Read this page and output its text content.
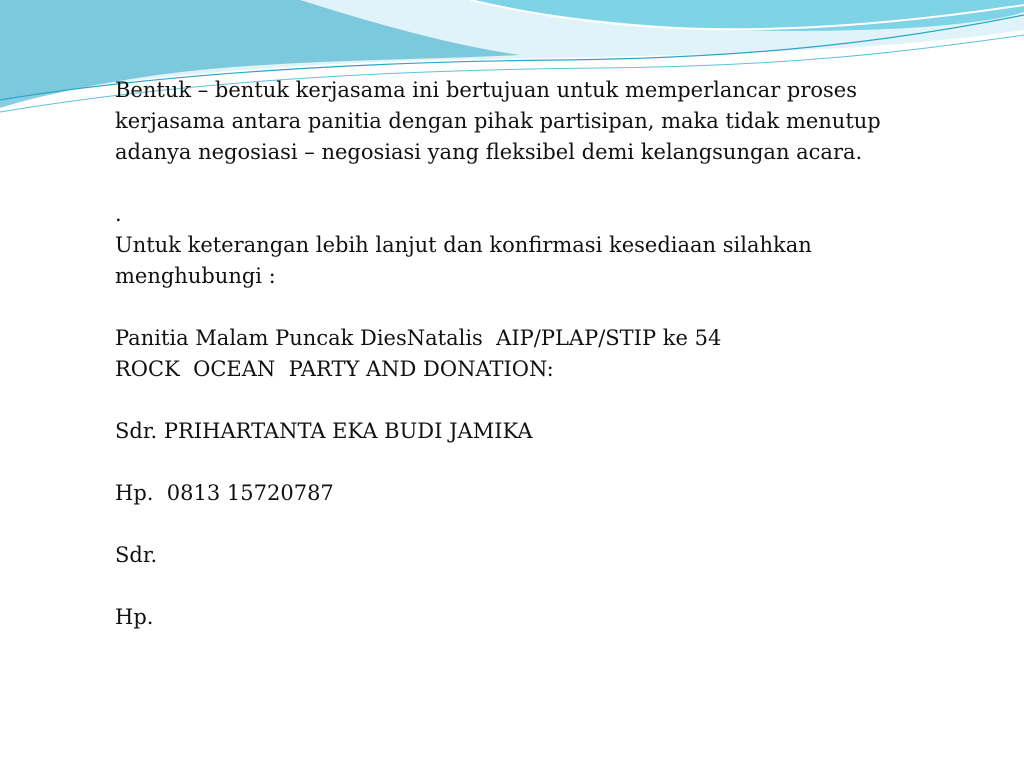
Bentuk – bentuk kerjasama ini bertujuan untuk memperlancar proses kerjasama antara panitia dengan pihak partisipan, maka tidak menutup adanya negosiasi – negosiasi yang fleksibel demi kelangsungan acara.

.

Untuk keterangan lebih lanjut dan konfirmasi kesediaan silahkan menghubungi :

Panitia Malam Puncak DiesNatalis  AIP/PLAP/STIP ke 54

ROCK  OCEAN  PARTY AND DONATION:

Sdr. PRIHARTANTA EKA BUDI JAMIKA

Hp.  0813 15720787

Sdr.

Hp.
